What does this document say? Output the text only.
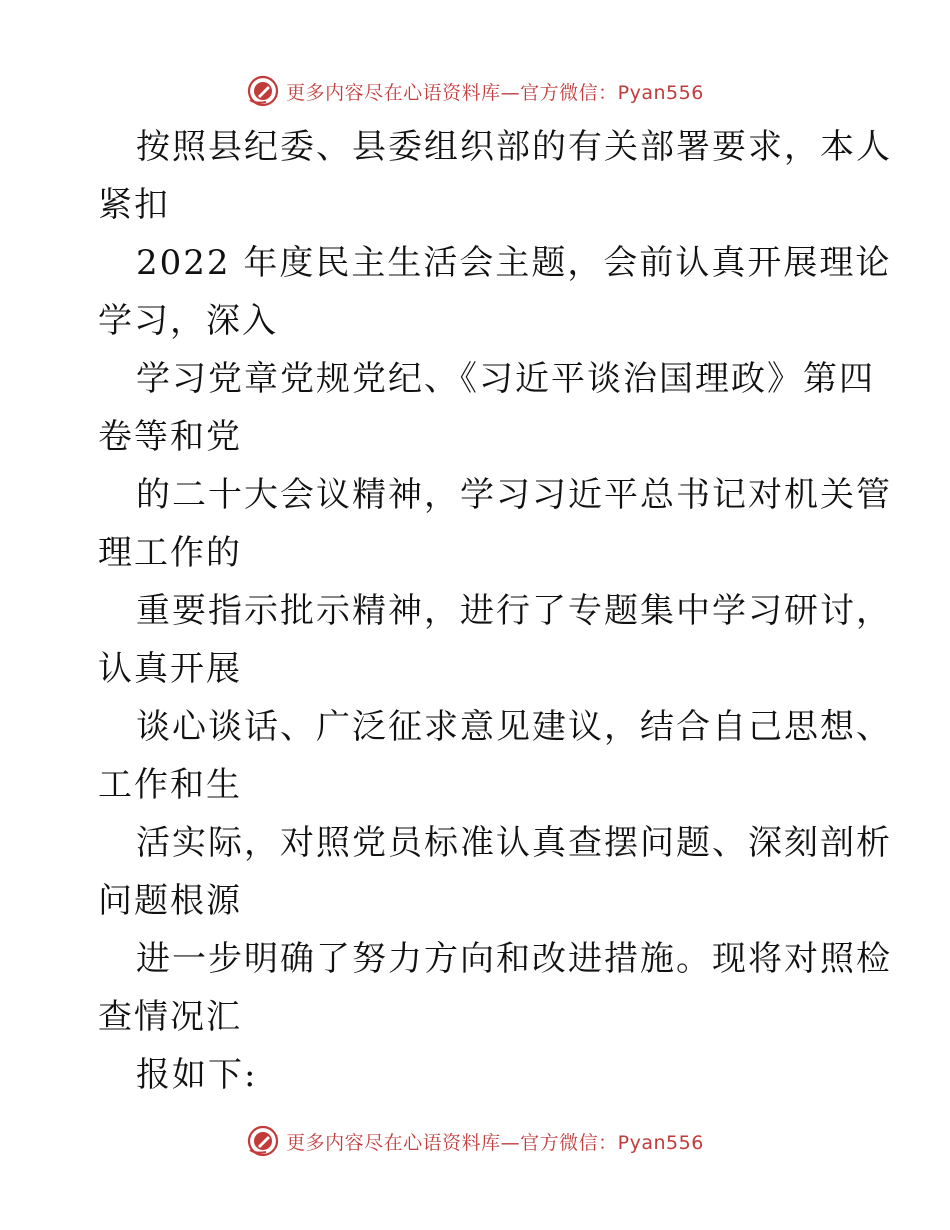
更多内容尽在心语资料库—官方微信：Pyan556
按照县纪委、县委组织部的有关部署要求，本人
紧扣
2022 年度民主生活会主题，会前认真开展理论
学习，深入
学习党章党规党纪、《习近平谈治国理政》第四
卷等和党
的二十大会议精神，学习习近平总书记对机关管
理工作的
重要指示批示精神，进行了专题集中学习研讨，
认真开展
谈心谈话、广泛征求意见建议，结合自己思想、
工作和生
活实际，对照党员标准认真查摆问题、深刻剖析
问题根源
进一步明确了努力方向和改进措施。现将对照检
查情况汇
报如下:
更多内容尽在心语资料库—官方微信：Pyan556
